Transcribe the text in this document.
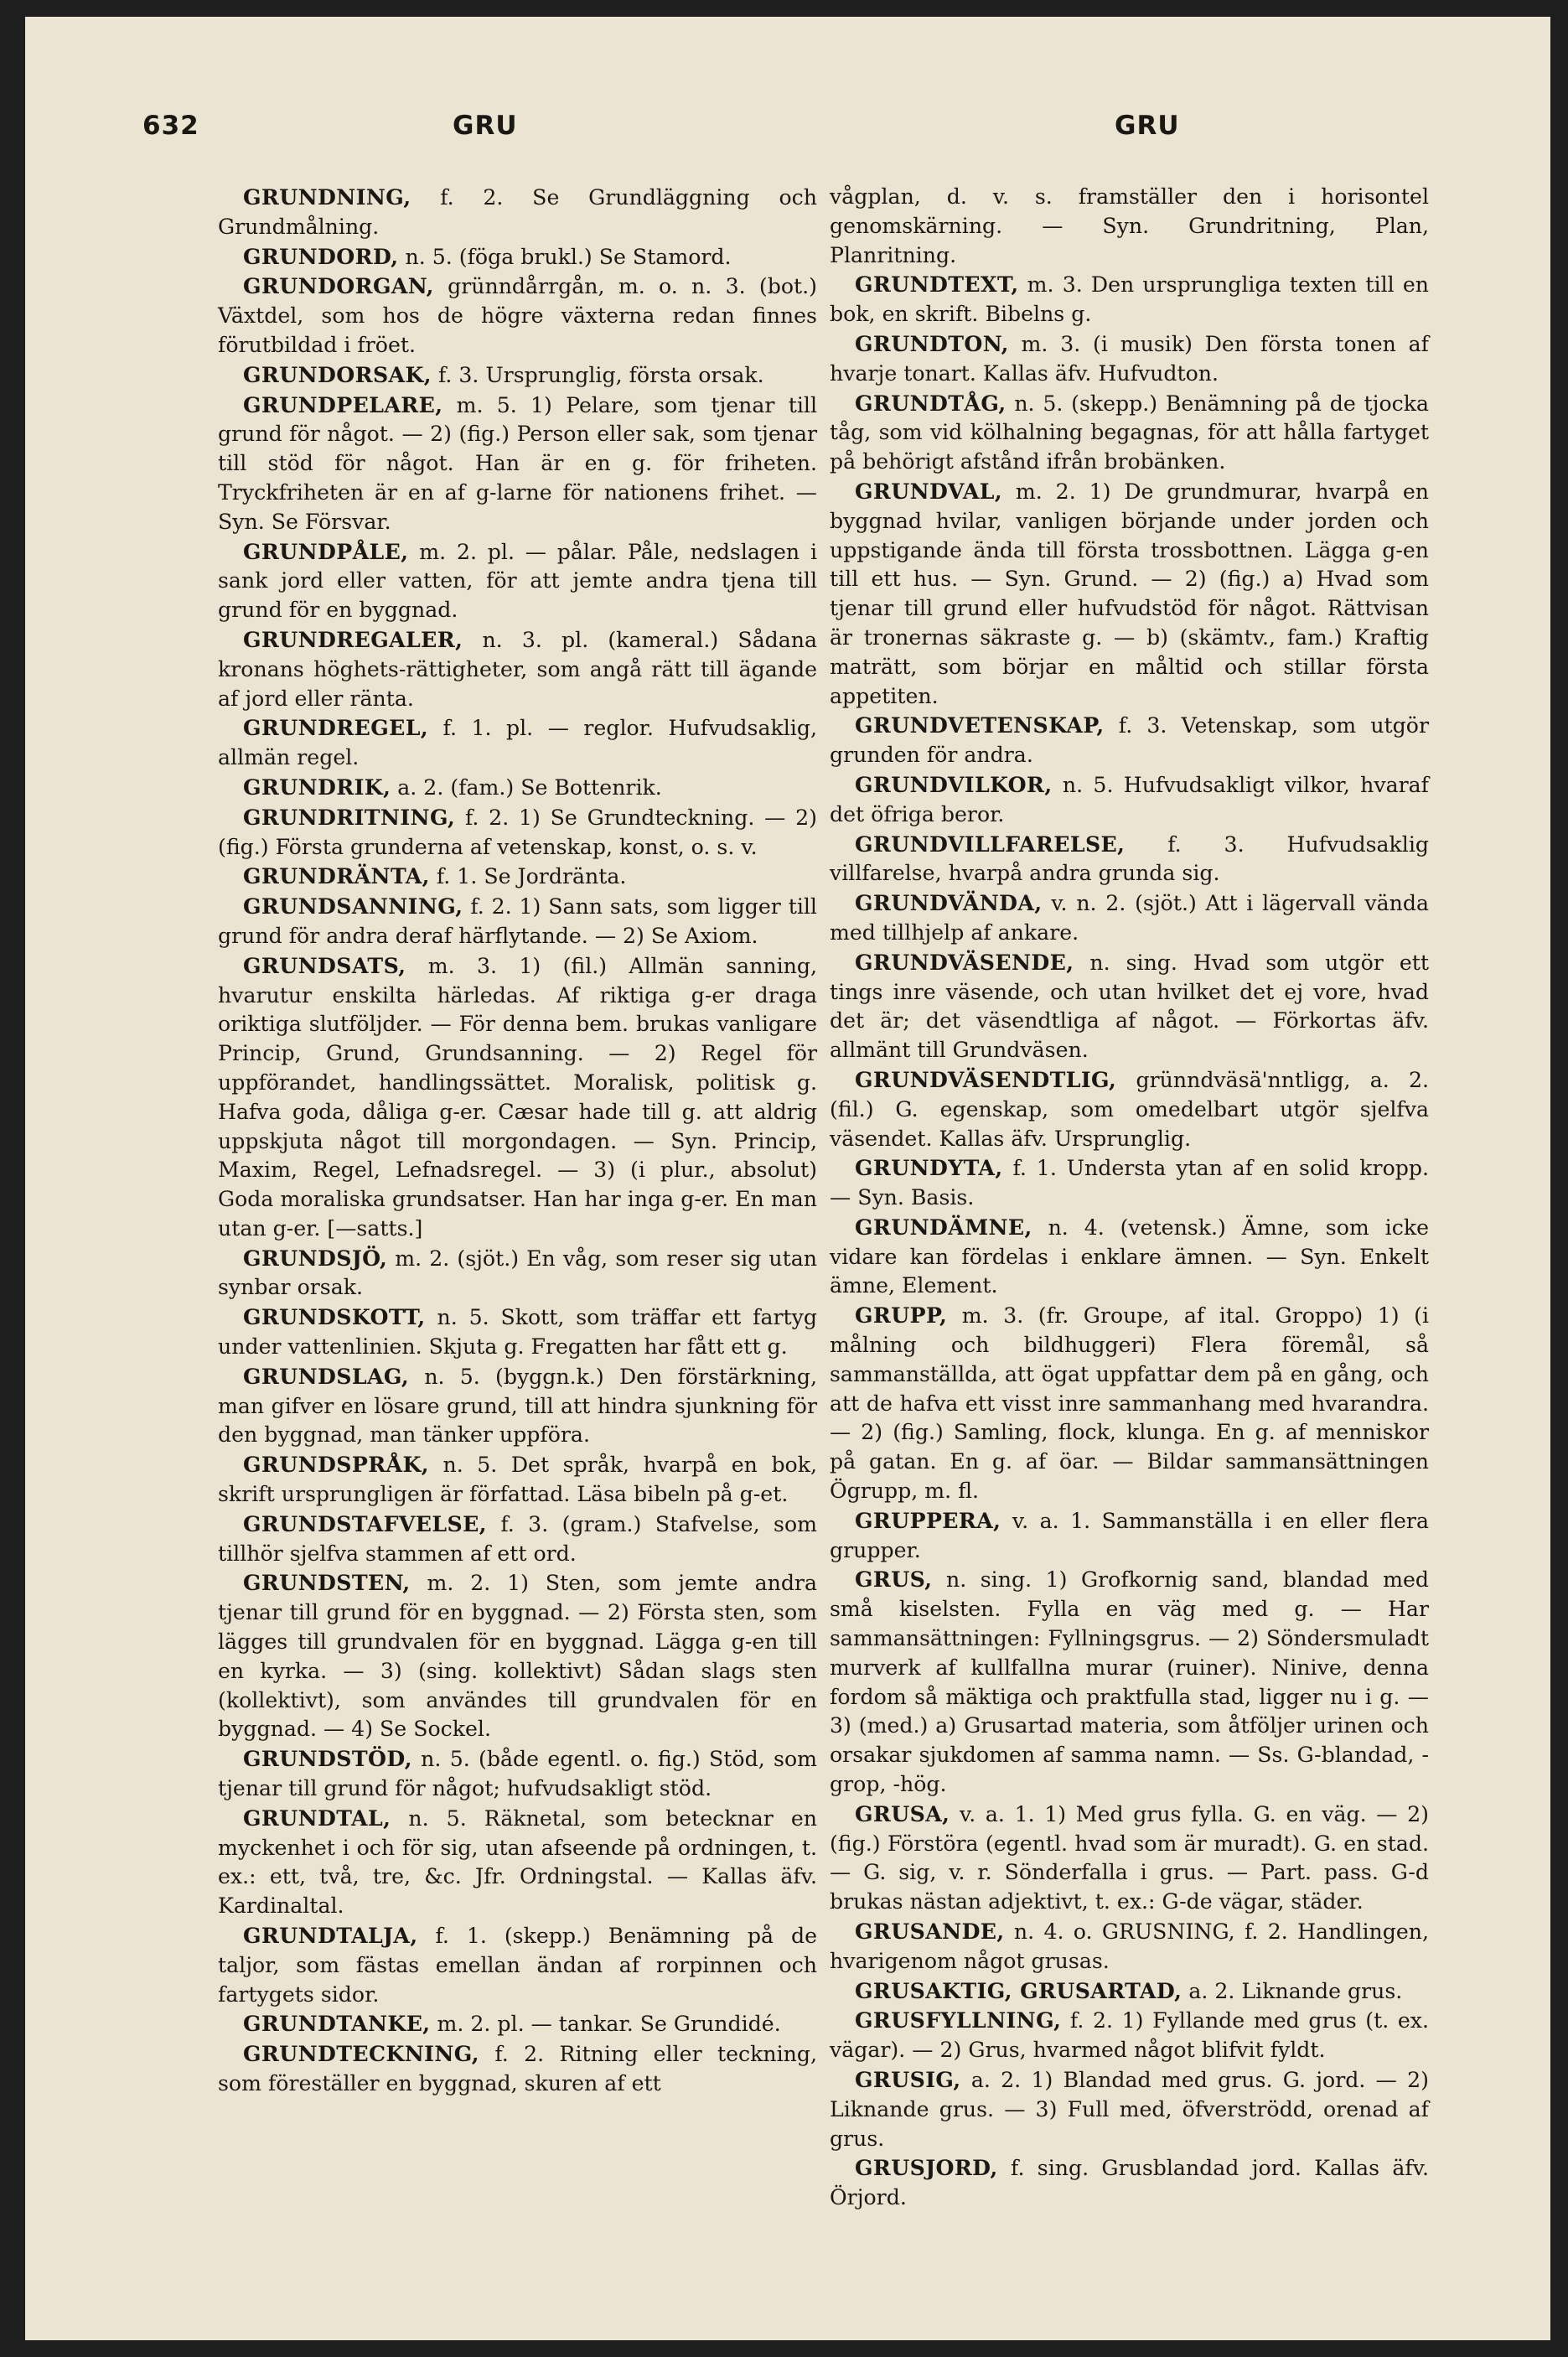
632	GRU	GRU

GRUNDNING, f. 2. Se Grundläggning och Grundmålning.

GRUNDORD, n. 5. (föga brukl.) Se Stamord.

GRUNDORGAN, grünndårrgån, m. o. n. 3. (bot.) Växtdel, som hos de högre växterna redan finnes förutbildad i fröet.

GRUNDORSAK, f. 3. Ursprunglig, första orsak.

GRUNDPELARE, m. 5. 1) Pelare, som tjenar till grund för något. — 2) (fig.) Person eller sak, som tjenar till stöd för något. Han är en g. för friheten. Tryckfriheten är en af g-larne för nationens frihet. — Syn. Se Försvar.

GRUNDPÅLE, m. 2. pl. — pålar. Påle, nedslagen i sank jord eller vatten, för att jemte andra tjena till grund för en byggnad.

GRUNDREGALER, n. 3. pl. (kameral.) Sådana kronans höghets-rättigheter, som angå rätt till ägande af jord eller ränta.

GRUNDREGEL, f. 1. pl. — reglor. Hufvudsaklig, allmän regel.

GRUNDRIK, a. 2. (fam.) Se Bottenrik.

GRUNDRITNING, f. 2. 1) Se Grundteckning. — 2) (fig.) Första grunderna af vetenskap, konst, o. s. v.

GRUNDRÄNTA, f. 1. Se Jordränta.

GRUNDSANNING, f. 2. 1) Sann sats, som ligger till grund för andra deraf härflytande. — 2) Se Axiom.

GRUNDSATS, m. 3. 1) (fil.) Allmän sanning, hvarutur enskilta härledas. Af riktiga g-er draga oriktiga slutföljder. — För denna bem. brukas vanligare Princip, Grund, Grundsanning. — 2) Regel för uppförandet, handlingssättet. Moralisk, politisk g. Hafva goda, dåliga g-er. Cæsar hade till g. att aldrig uppskjuta något till morgondagen. — Syn. Princip, Maxim, Regel, Lefnadsregel. — 3) (i plur., absolut) Goda moraliska grundsatser. Han har inga g-er. En man utan g-er. [—satts.]

GRUNDSJÖ, m. 2. (sjöt.) En våg, som reser sig utan synbar orsak.

GRUNDSKOTT, n. 5. Skott, som träffar ett fartyg under vattenlinien. Skjuta g. Fregatten har fått ett g.

GRUNDSLAG, n. 5. (byggn.k.) Den förstärkning, man gifver en lösare grund, till att hindra sjunkning för den byggnad, man tänker uppföra.

GRUNDSPRÅK, n. 5. Det språk, hvarpå en bok, skrift ursprungligen är författad. Läsa bibeln på g-et.

GRUNDSTAFVELSE, f. 3. (gram.) Stafvelse, som tillhör sjelfva stammen af ett ord.

GRUNDSTEN, m. 2. 1) Sten, som jemte andra tjenar till grund för en byggnad. — 2) Första sten, som lägges till grundvalen för en byggnad. Lägga g-en till en kyrka. — 3) (sing. kollektivt) Sådan slags sten (kollektivt), som användes till grundvalen för en byggnad. — 4) Se Sockel.

GRUNDSTÖD, n. 5. (både egentl. o. fig.) Stöd, som tjenar till grund för något; hufvudsakligt stöd.

GRUNDTAL, n. 5. Räknetal, som betecknar en myckenhet i och för sig, utan afseende på ordningen, t. ex.: ett, två, tre, &c. Jfr. Ordningstal. — Kallas äfv. Kardinaltal.

GRUNDTALJA, f. 1. (skepp.) Benämning på de taljor, som fästas emellan ändan af rorpinnen och fartygets sidor.

GRUNDTANKE, m. 2. pl. — tankar. Se Grundidé.

GRUNDTECKNING, f. 2. Ritning eller teckning, som föreställer en byggnad, skuren af ett

vågplan, d. v. s. framställer den i horisontel genomskärning. — Syn. Grundritning, Plan, Planritning.

GRUNDTEXT, m. 3. Den ursprungliga texten till en bok, en skrift. Bibelns g.

GRUNDTON, m. 3. (i musik) Den första tonen af hvarje tonart. Kallas äfv. Hufvudton.

GRUNDTÅG, n. 5. (skepp.) Benämning på de tjocka tåg, som vid kölhalning begagnas, för att hålla fartyget på behörigt afstånd ifrån brobänken.

GRUNDVAL, m. 2. 1) De grundmurar, hvarpå en byggnad hvilar, vanligen börjande under jorden och uppstigande ända till första trossbottnen. Lägga g-en till ett hus. — Syn. Grund. — 2) (fig.) a) Hvad som tjenar till grund eller hufvudstöd för något. Rättvisan är tronernas säkraste g. — b) (skämtv., fam.) Kraftig maträtt, som börjar en måltid och stillar första appetiten.

GRUNDVETENSKAP, f. 3. Vetenskap, som utgör grunden för andra.

GRUNDVILKOR, n. 5. Hufvudsakligt vilkor, hvaraf det öfriga beror.

GRUNDVILLFARELSE, f. 3. Hufvudsaklig villfarelse, hvarpå andra grunda sig.

GRUNDVÄNDA, v. n. 2. (sjöt.) Att i lägervall vända med tillhjelp af ankare.

GRUNDVÄSENDE, n. sing. Hvad som utgör ett tings inre väsende, och utan hvilket det ej vore, hvad det är; det väsendtliga af något. — Förkortas äfv. allmänt till Grundväsen.

GRUNDVÄSENDTLIG, grünndväsä'nntligg, a. 2. (fil.) G. egenskap, som omedelbart utgör sjelfva väsendet. Kallas äfv. Ursprunglig.

GRUNDYTA, f. 1. Understa ytan af en solid kropp. — Syn. Basis.

GRUNDÄMNE, n. 4. (vetensk.) Ämne, som icke vidare kan fördelas i enklare ämnen. — Syn. Enkelt ämne, Element.

GRUPP, m. 3. (fr. Groupe, af ital. Groppo) 1) (i målning och bildhuggeri) Flera föremål, så sammanställda, att ögat uppfattar dem på en gång, och att de hafva ett visst inre sammanhang med hvarandra. — 2) (fig.) Samling, flock, klunga. En g. af menniskor på gatan. En g. af öar. — Bildar sammansättningen Ögrupp, m. fl.

GRUPPERA, v. a. 1. Sammanställa i en eller flera grupper.

GRUS, n. sing. 1) Grofkornig sand, blandad med små kiselsten. Fylla en väg med g. — Har sammansättningen: Fyllningsgrus. — 2) Söndersmuladt murverk af kullfallna murar (ruiner). Ninive, denna fordom så mäktiga och praktfulla stad, ligger nu i g. — 3) (med.) a) Grusartad materia, som åtföljer urinen och orsakar sjukdomen af samma namn. — Ss. G-blandad, -grop, -hög.

GRUSA, v. a. 1. 1) Med grus fylla. G. en väg. — 2) (fig.) Förstöra (egentl. hvad som är muradt). G. en stad. — G. sig, v. r. Sönderfalla i grus. — Part. pass. G-d brukas nästan adjektivt, t. ex.: G-de vägar, städer.

GRUSANDE, n. 4. o. GRUSNING, f. 2. Handlingen, hvarigenom något grusas.

GRUSAKTIG, GRUSARTAD, a. 2. Liknande grus.

GRUSFYLLNING, f. 2. 1) Fyllande med grus (t. ex. vägar). — 2) Grus, hvarmed något blifvit fyldt.

GRUSIG, a. 2. 1) Blandad med grus. G. jord. — 2) Liknande grus. — 3) Full med, öfverströdd, orenad af grus.

GRUSJORD, f. sing. Grusblandad jord. Kallas äfv. Örjord.
